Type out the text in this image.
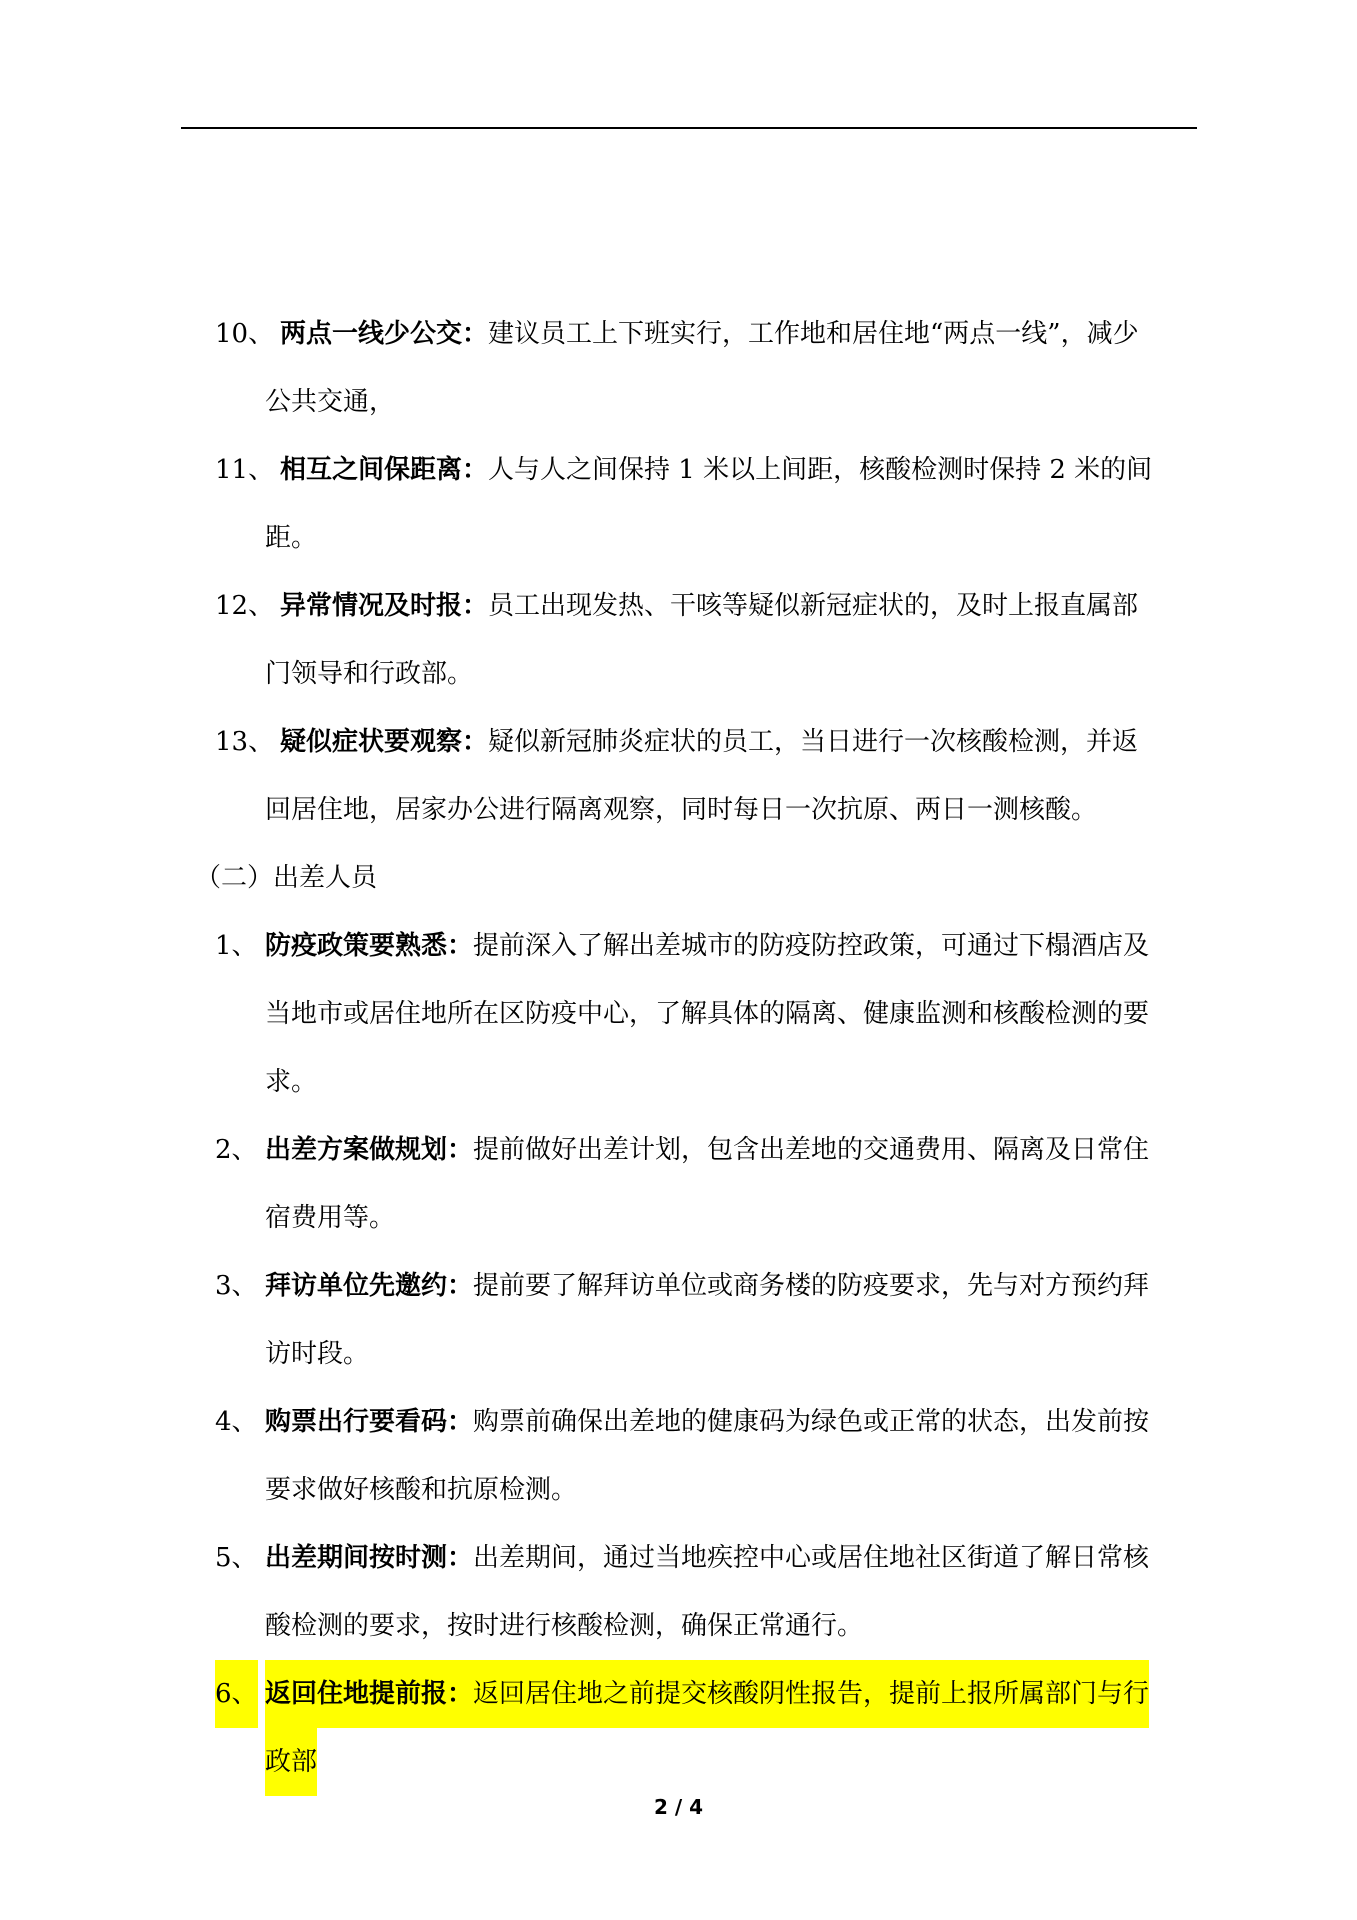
10、 两点一线少公交：建议员工上下班实行，工作地和居住地“两点一线”，减少
公共交通，
11、 相互之间保距离：人与人之间保持 1 米以上间距，核酸检测时保持 2 米的间
距。
12、 异常情况及时报：员工出现发热、干咳等疑似新冠症状的，及时上报直属部
门领导和行政部。
13、 疑似症状要观察：疑似新冠肺炎症状的员工，当日进行一次核酸检测，并返
回居住地，居家办公进行隔离观察，同时每日一次抗原、两日一测核酸。
（二）出差人员
1、 防疫政策要熟悉：提前深入了解出差城市的防疫防控政策，可通过下榻酒店及
当地市或居住地所在区防疫中心，了解具体的隔离、健康监测和核酸检测的要
求。
2、 出差方案做规划：提前做好出差计划，包含出差地的交通费用、隔离及日常住
宿费用等。
3、 拜访单位先邀约：提前要了解拜访单位或商务楼的防疫要求，先与对方预约拜
访时段。
4、 购票出行要看码：购票前确保出差地的健康码为绿色或正常的状态，出发前按
要求做好核酸和抗原检测。
5、 出差期间按时测：出差期间，通过当地疾控中心或居住地社区街道了解日常核
酸检测的要求，按时进行核酸检测，确保正常通行。
6、 返回住地提前报：返回居住地之前提交核酸阴性报告，提前上报所属部门与行
政部
2 / 4
